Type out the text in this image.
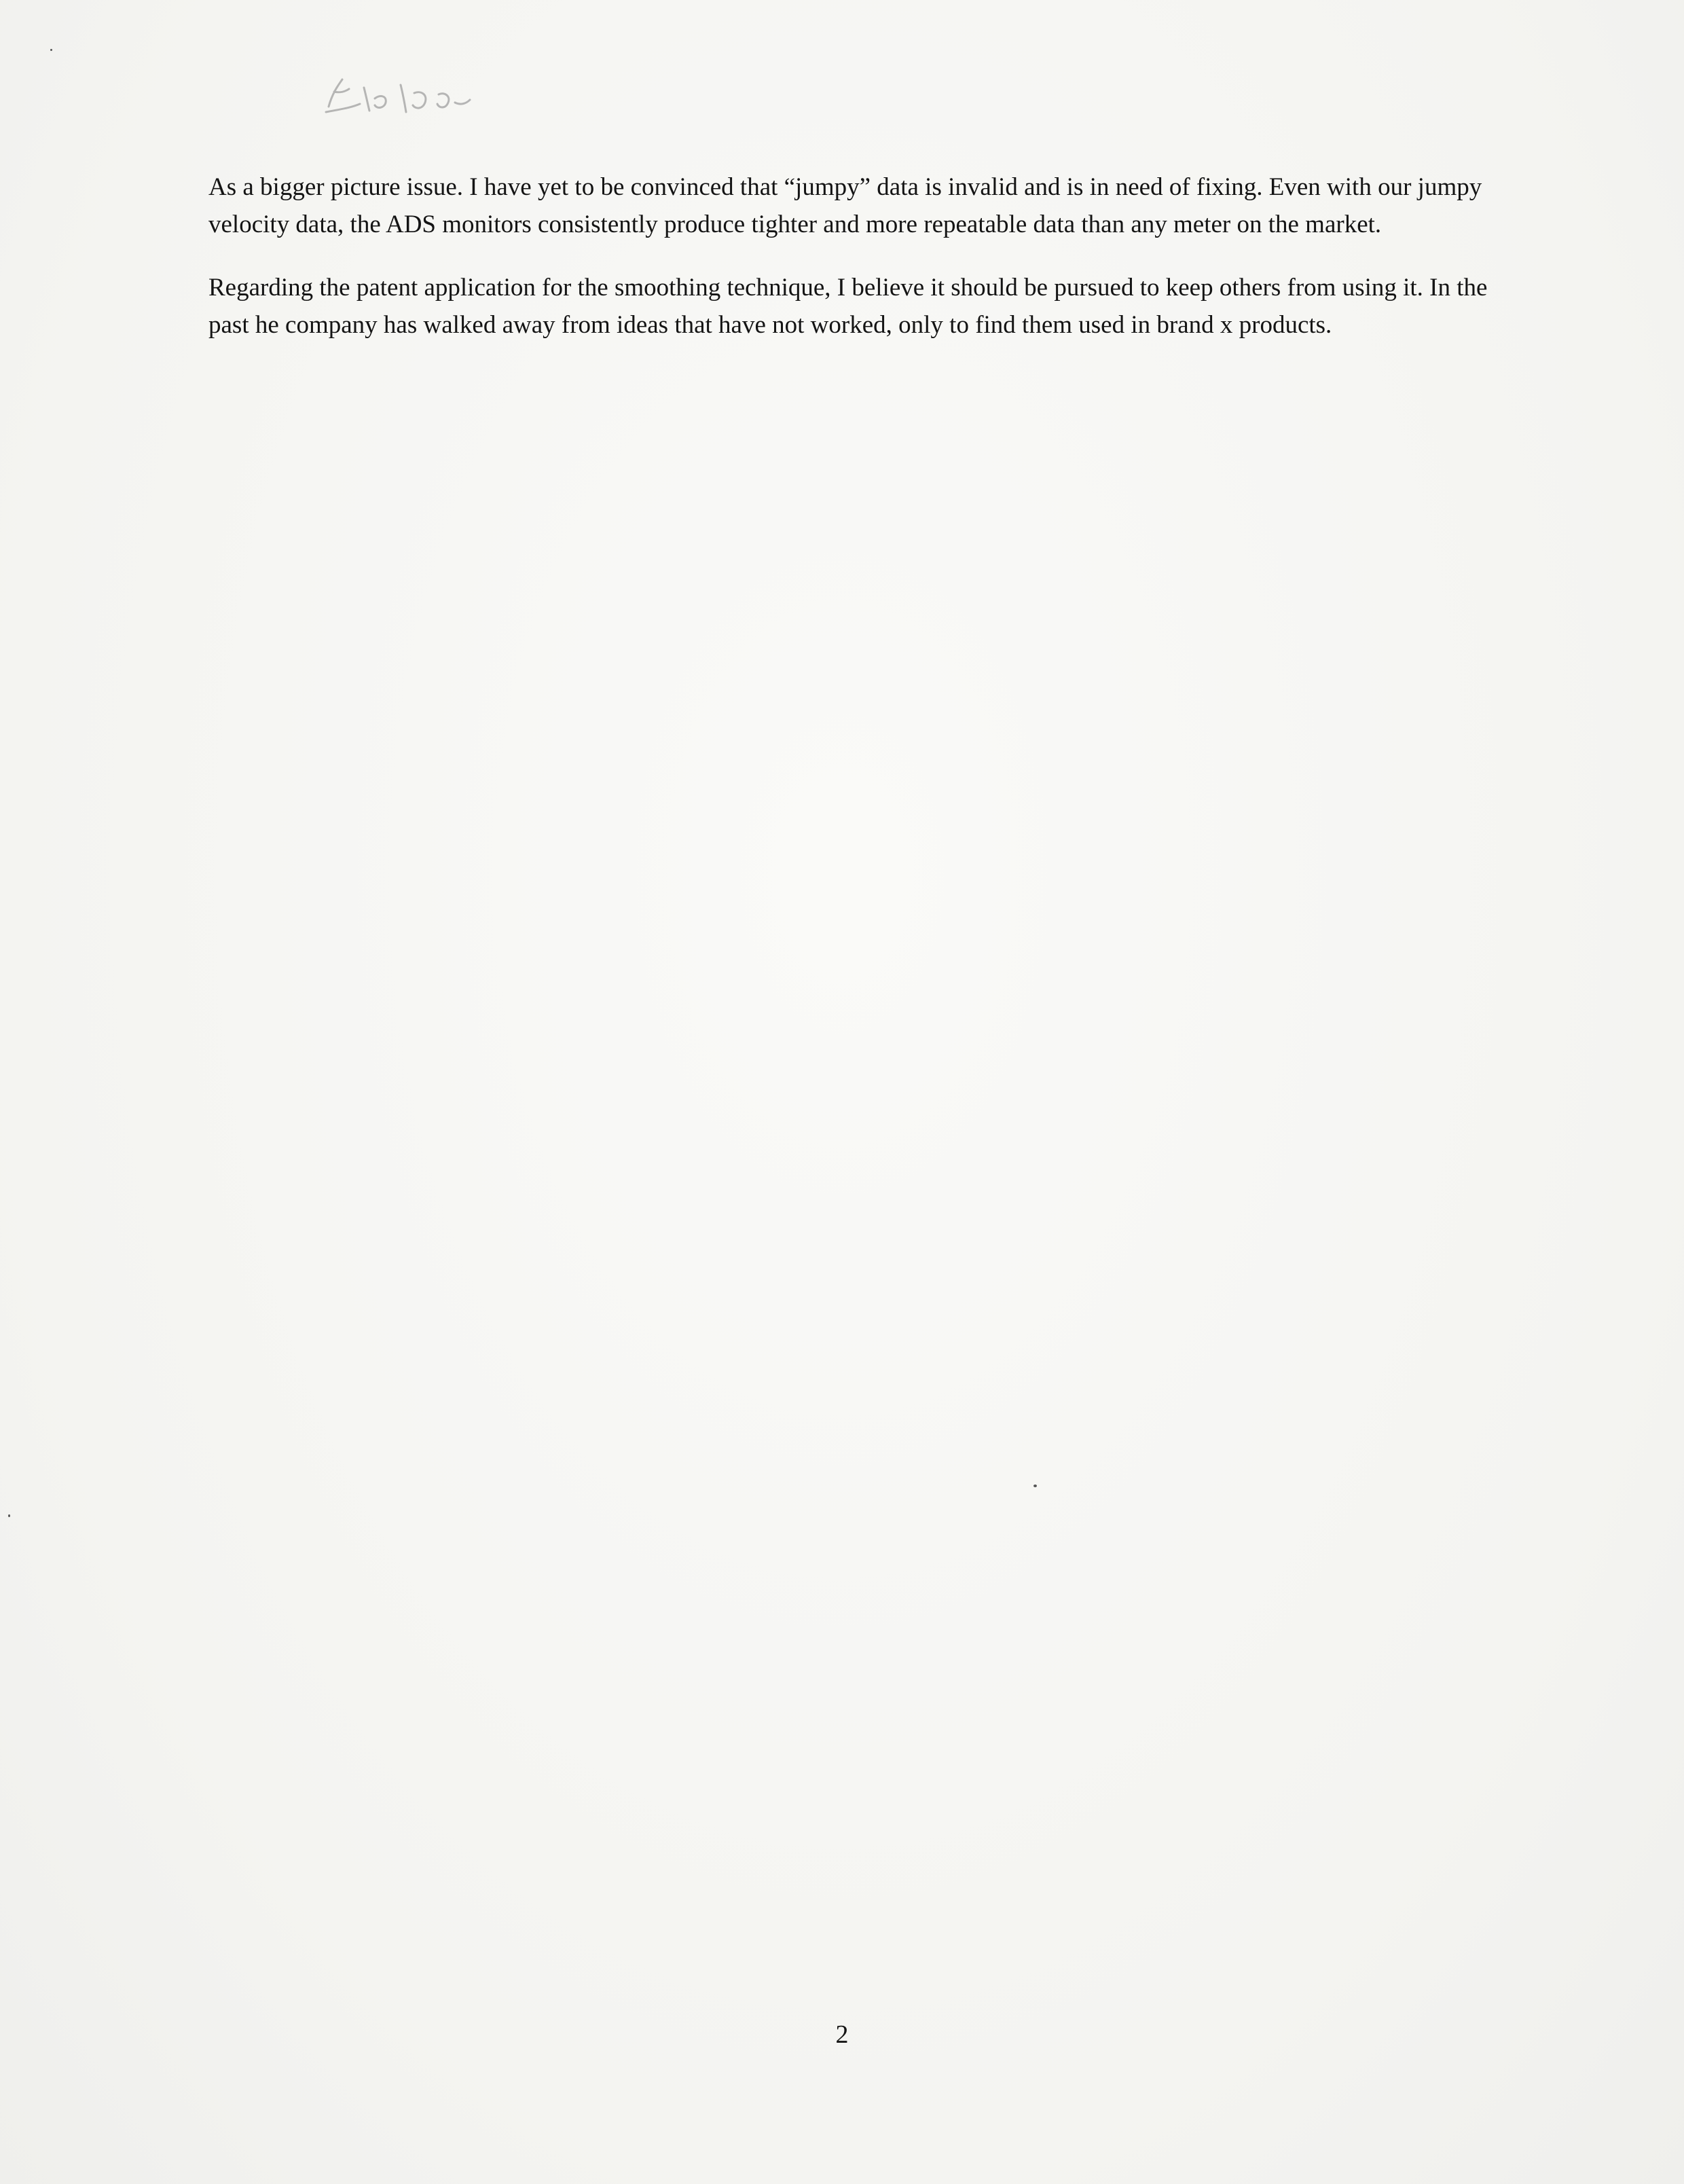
As a bigger picture issue. I have yet to be convinced that “jumpy” data is invalid and is in need of fixing. Even with our jumpy velocity data, the ADS monitors consistently produce tighter and more repeatable data than any meter on the market.

Regarding the patent application for the smoothing technique, I believe it should be pursued to keep others from using it. In the past he company has walked away from ideas that have not worked, only to find them used in brand x products.

2
